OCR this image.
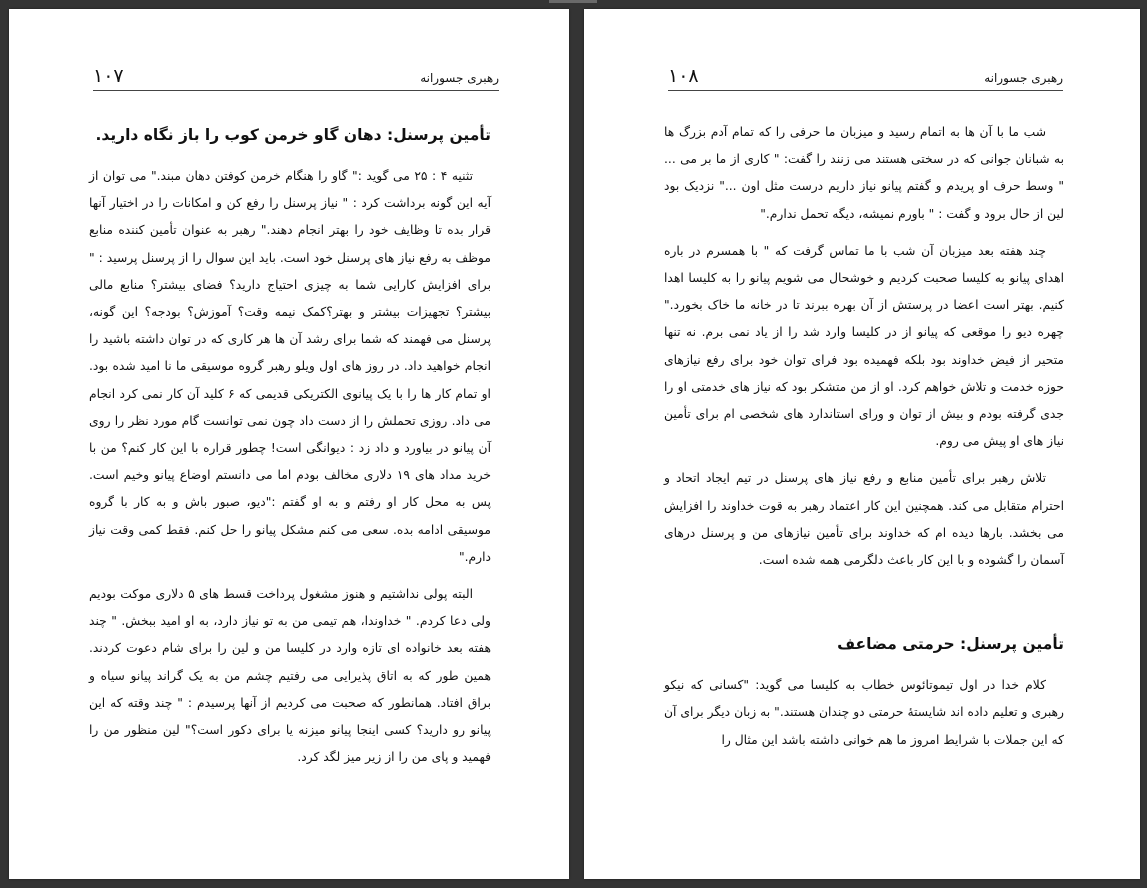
۱۰۷	رهبری جسورانه
تأمین پرسنل: دهان گاو خرمن کوب را باز نگاه دارید.

تثنیه ۴ : ۲۵ می گوید :" گاو را هنگام خرمن کوفتن دهان مبند." می توان از آیه این گونه برداشت کرد : " نیاز پرسنل را رفع کن و امکانات را در اختیار آنها قرار بده تا وظایف خود را بهتر انجام دهند." رهبر به عنوان تأمین کننده منابع موظف به رفع نیاز های پرسنل خود است. باید این سوال را از پرسنل پرسید : " برای افزایش کارایی شما به چیزی احتیاج دارید؟ فضای بیشتر؟ منابع مالی بیشتر؟ تجهیزات بیشتر و بهتر؟کمک نیمه وقت؟ آموزش؟ بودجه؟ این گونه، پرسنل می فهمند که شما برای رشد آن ها هر کاری که در توان داشته باشید را انجام خواهید داد. در روز های اول ویلو رهبر گروه موسیقی ما نا امید شده بود. او تمام کار ها را با یک پیانوی الکتریکی قدیمی که ۶ کلید آن کار نمی کرد انجام می داد. روزی تحملش را از دست داد چون نمی توانست گام مورد نظر را روی آن پیانو در بیاورد و داد زد : دیوانگی است! چطور قراره با این کار کنم؟ من با خرید مداد های ۱۹ دلاری مخالف بودم اما می دانستم اوضاع پیانو وخیم است. پس به محل کار او رفتم و به او گفتم :"دیو، صبور باش و به کار با گروه موسیقی ادامه بده. سعی می کنم مشکل پیانو را حل کنم. فقط کمی وقت نیاز دارم."

البته پولی نداشتیم و هنوز مشغول پرداخت قسط های ۵ دلاری موکت بودیم ولی دعا کردم. " خداوندا، هم تیمی من به تو نیاز دارد، به او امید ببخش. " چند هفته بعد خانواده ای تازه وارد در کلیسا من و لین را برای شام دعوت کردند. همین طور که به اتاق پذیرایی می رفتیم چشم من به یک گراند پیانو سیاه و براق افتاد. همانطور که صحبت می کردیم از آنها پرسیدم : " چند وقته که این پیانو رو دارید؟ کسی اینجا پیانو میزنه یا برای دکور است؟" لین منظور من را فهمید و پای من را از زیر میز لگد کرد.

۱۰۸	رهبری جسورانه

شب ما با آن ها به اتمام رسید و میزبان ما حرفی را که تمام آدم بزرگ ها به شبانان جوانی که در سختی هستند می زنند را گفت: " کاری از ما بر می ... " وسط حرف او پریدم و گفتم پیانو نیاز داریم درست مثل اون ..." نزدیک بود لین از حال برود و گفت : " باورم نمیشه، دیگه تحمل ندارم."

چند هفته بعد میزبان آن شب با ما تماس گرفت که " با همسرم در باره اهدای پیانو به کلیسا صحبت کردیم و خوشحال می شویم پیانو را به کلیسا اهدا کنیم. بهتر است اعضا در پرستش از آن بهره ببرند تا در خانه ما خاک بخورد." چهره دیو را موقعی که پیانو از در کلیسا وارد شد را از یاد نمی برم. نه تنها متحیر از فیض خداوند بود بلکه فهمیده بود فرای توان خود برای رفع نیازهای حوزه خدمت و تلاش خواهم کرد. او از من متشکر بود که نیاز های خدمتی او را جدی گرفته بودم و بیش از توان و ورای استاندارد های شخصی ام برای تأمین نیاز های او پیش می روم.

تلاش رهبر برای تأمین منابع و رفع نیاز های پرسنل در تیم ایجاد اتحاد و احترام متقابل می کند. همچنین این کار اعتماد رهبر به قوت خداوند را افزایش می بخشد. بارها دیده ام که خداوند برای تأمین نیازهای من و پرسنل درهای آسمان را گشوده و با این کار باعث دلگرمی همه شده است.

تأمین پرسنل: حرمتی مضاعف

کلام خدا در اول تیموتائوس خطاب به کلیسا می گوید: "کسانی که نیکو رهبری و تعلیم داده اند شایستهٔ حرمتی دو چندان هستند." به زبان دیگر برای آن که این جملات با شرایط امروز ما هم خوانی داشته باشد این مثال را
